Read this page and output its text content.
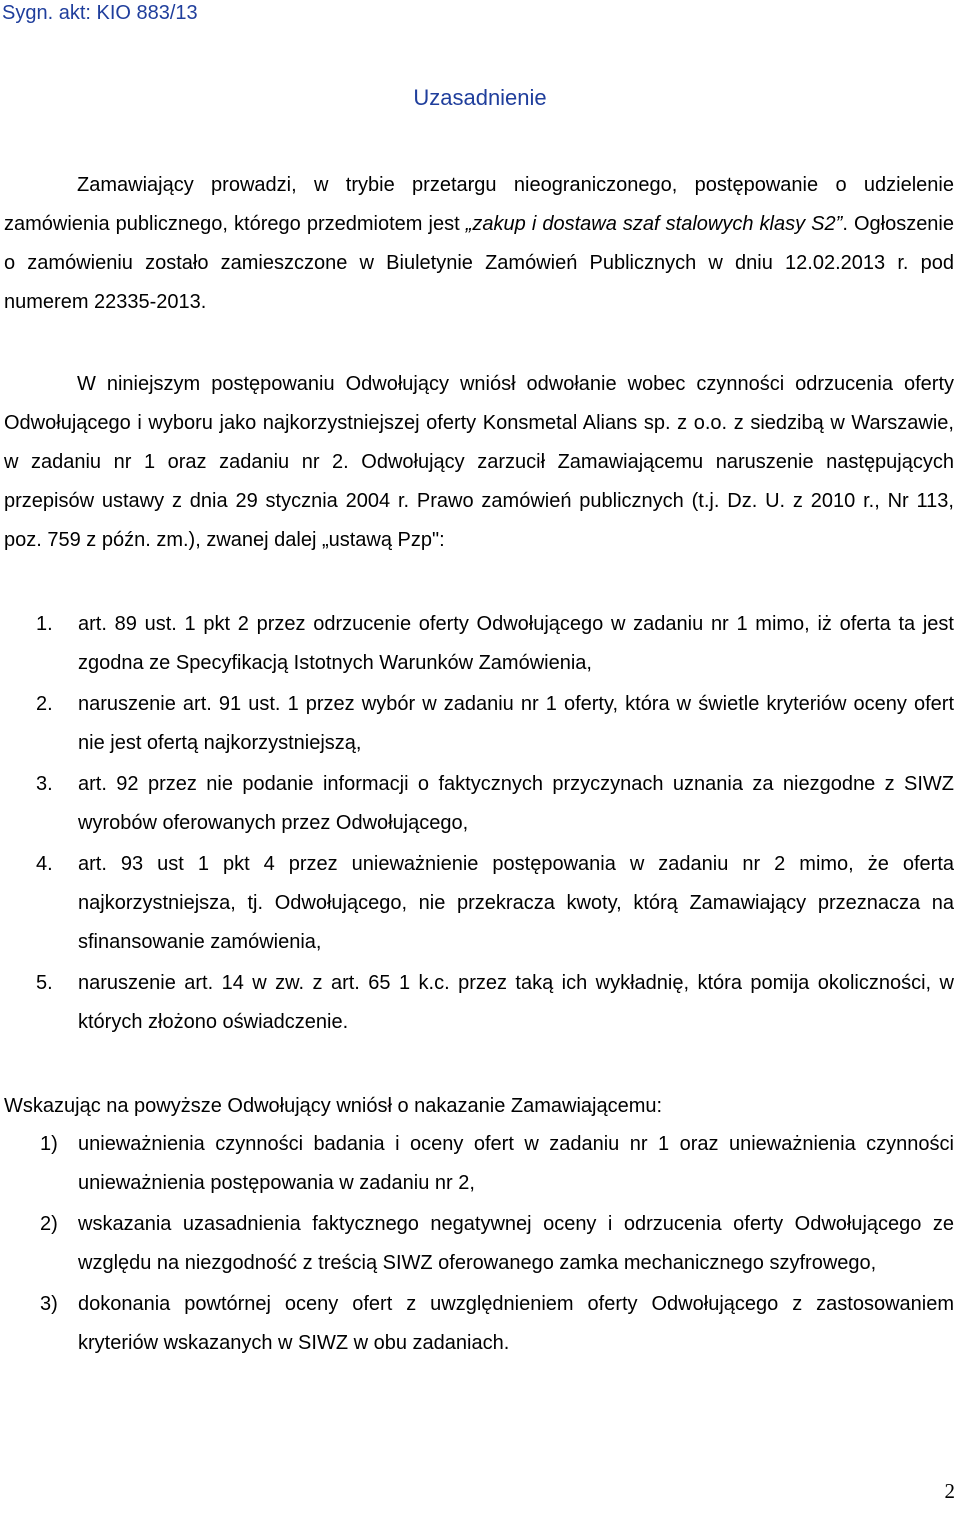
Sygn. akt: KIO 883/13
Uzasadnienie
Zamawiający prowadzi, w trybie przetargu nieograniczonego, postępowanie o udzielenie zamówienia publicznego, którego przedmiotem jest „zakup i dostawa szaf stalowych klasy S2”. Ogłoszenie o zamówieniu zostało zamieszczone w Biuletynie Zamówień Publicznych w dniu 12.02.2013 r. pod numerem 22335-2013.
W niniejszym postępowaniu Odwołujący wniósł odwołanie wobec czynności odrzucenia oferty Odwołującego i wyboru jako najkorzystniejszej oferty Konsmetal Alians sp. z o.o. z siedzibą w Warszawie, w zadaniu nr 1 oraz zadaniu nr 2. Odwołujący zarzucił Zamawiającemu naruszenie następujących przepisów ustawy z dnia 29 stycznia 2004 r. Prawo zamówień publicznych (t.j. Dz. U. z 2010 r., Nr 113, poz. 759 z późn. zm.), zwanej dalej „ustawą Pzp":
1. art. 89 ust. 1 pkt 2 przez odrzucenie oferty Odwołującego w zadaniu nr 1 mimo, iż oferta ta jest zgodna ze Specyfikacją Istotnych Warunków Zamówienia,
2. naruszenie art. 91 ust. 1 przez wybór w zadaniu nr 1 oferty, która w świetle kryteriów oceny ofert nie jest ofertą najkorzystniejszą,
3. art. 92 przez nie podanie informacji o faktycznych przyczynach uznania za niezgodne z SIWZ wyrobów oferowanych przez Odwołującego,
4. art. 93 ust 1 pkt 4 przez unieważnienie postępowania w zadaniu nr 2 mimo, że oferta najkorzystniejsza, tj. Odwołującego, nie przekracza kwoty, którą Zamawiający przeznacza na sfinansowanie zamówienia,
5. naruszenie art. 14 w zw. z art. 65 1 k.c. przez taką ich wykładnię, która pomija okoliczności, w których złożono oświadczenie.
Wskazując na powyższe Odwołujący wniósł o nakazanie Zamawiającemu:
1) unieważnienia czynności badania i oceny ofert w zadaniu nr 1 oraz unieważnienia czynności unieważnienia postępowania w zadaniu nr 2,
2) wskazania uzasadnienia faktycznego negatywnej oceny i odrzucenia oferty Odwołującego ze względu na niezgodność z treścią SIWZ oferowanego zamka mechanicznego szyfrowego,
3) dokonania powtórnej oceny ofert z uwzględnieniem oferty Odwołującego z zastosowaniem kryteriów wskazanych w SIWZ w obu zadaniach.
2
